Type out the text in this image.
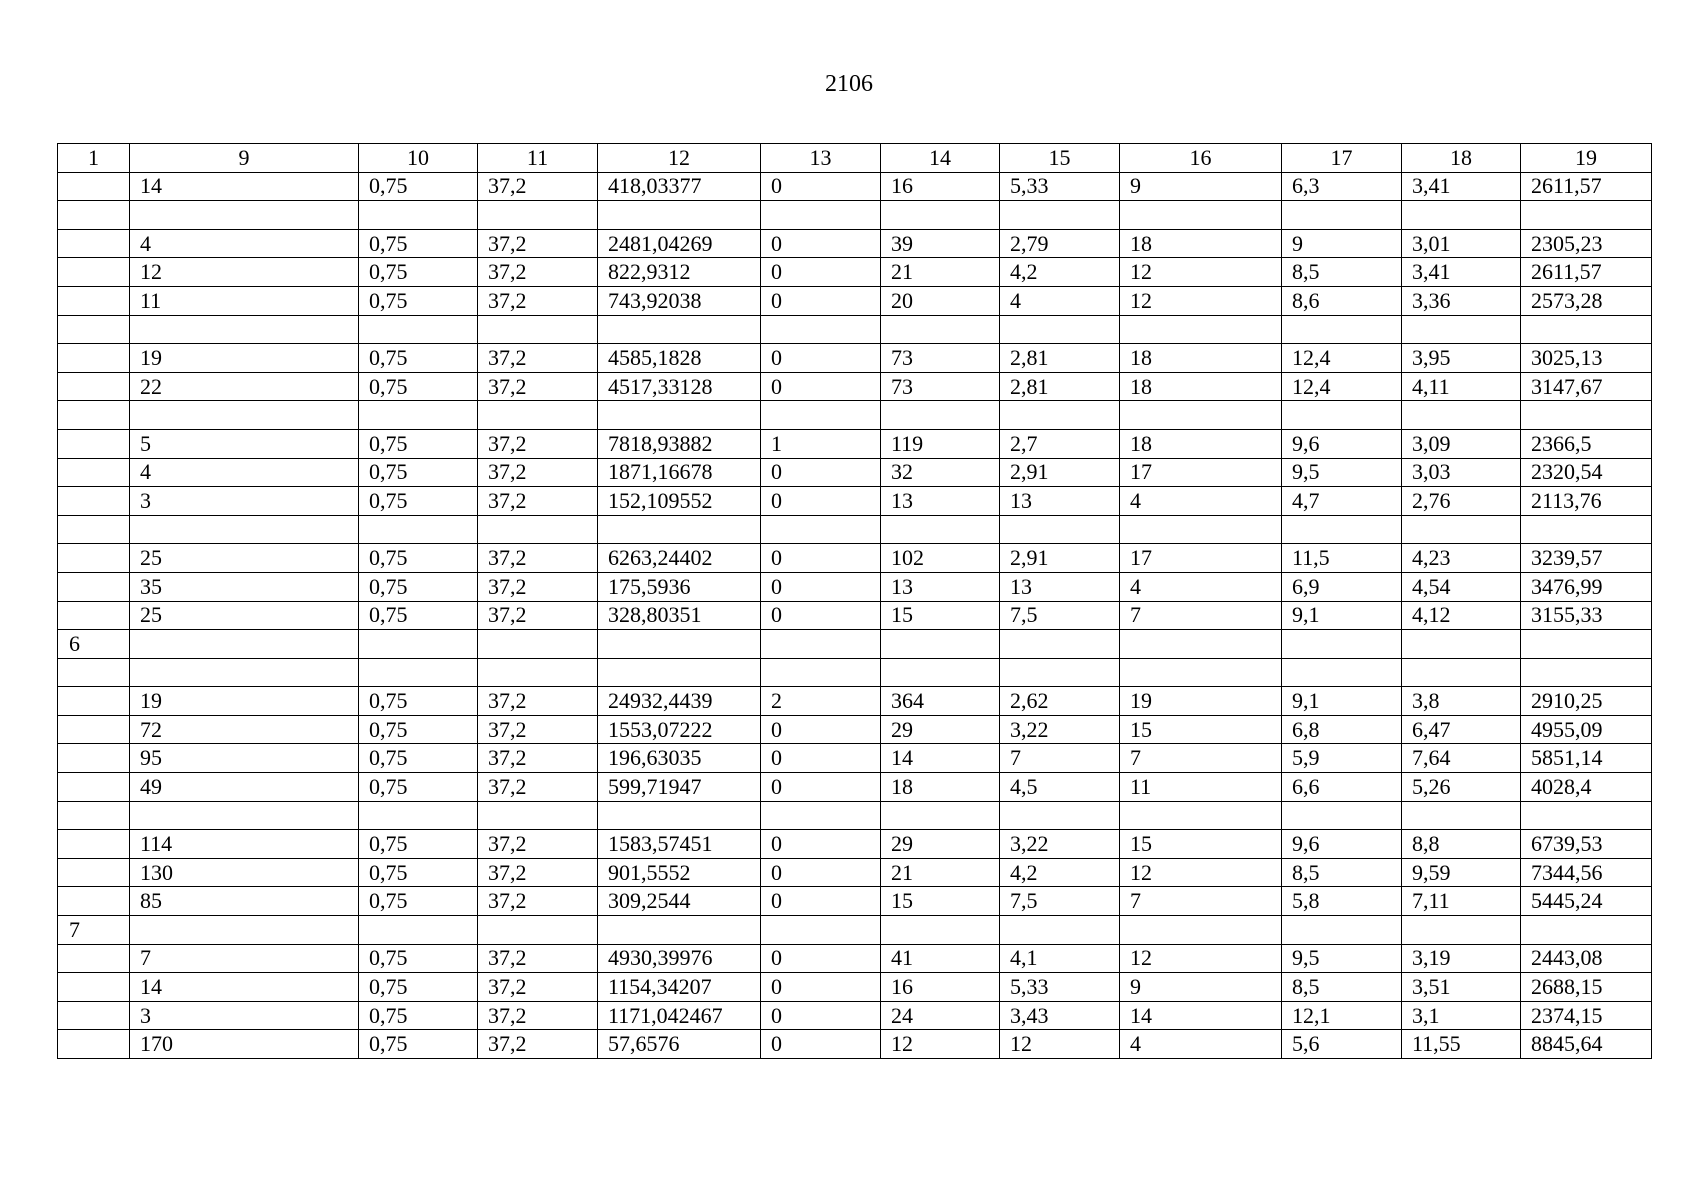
2106
1	9	10	11	12	13	14	15	16	17	18	19
	14	0,75	37,2	418,03377	0	16	5,33	9	6,3	3,41	2611,57

	4	0,75	37,2	2481,04269	0	39	2,79	18	9	3,01	2305,23
	12	0,75	37,2	822,9312	0	21	4,2	12	8,5	3,41	2611,57
	11	0,75	37,2	743,92038	0	20	4	12	8,6	3,36	2573,28

	19	0,75	37,2	4585,1828	0	73	2,81	18	12,4	3,95	3025,13
	22	0,75	37,2	4517,33128	0	73	2,81	18	12,4	4,11	3147,67

	5	0,75	37,2	7818,93882	1	119	2,7	18	9,6	3,09	2366,5
	4	0,75	37,2	1871,16678	0	32	2,91	17	9,5	3,03	2320,54
	3	0,75	37,2	152,109552	0	13	13	4	4,7	2,76	2113,76

	25	0,75	37,2	6263,24402	0	102	2,91	17	11,5	4,23	3239,57
	35	0,75	37,2	175,5936	0	13	13	4	6,9	4,54	3476,99
	25	0,75	37,2	328,80351	0	15	7,5	7	9,1	4,12	3155,33
6											

	19	0,75	37,2	24932,4439	2	364	2,62	19	9,1	3,8	2910,25
	72	0,75	37,2	1553,07222	0	29	3,22	15	6,8	6,47	4955,09
	95	0,75	37,2	196,63035	0	14	7	7	5,9	7,64	5851,14
	49	0,75	37,2	599,71947	0	18	4,5	11	6,6	5,26	4028,4

	114	0,75	37,2	1583,57451	0	29	3,22	15	9,6	8,8	6739,53
	130	0,75	37,2	901,5552	0	21	4,2	12	8,5	9,59	7344,56
	85	0,75	37,2	309,2544	0	15	7,5	7	5,8	7,11	5445,24
7											
	7	0,75	37,2	4930,39976	0	41	4,1	12	9,5	3,19	2443,08
	14	0,75	37,2	1154,34207	0	16	5,33	9	8,5	3,51	2688,15
	3	0,75	37,2	1171,042467	0	24	3,43	14	12,1	3,1	2374,15
	170	0,75	37,2	57,6576	0	12	12	4	5,6	11,55	8845,64
